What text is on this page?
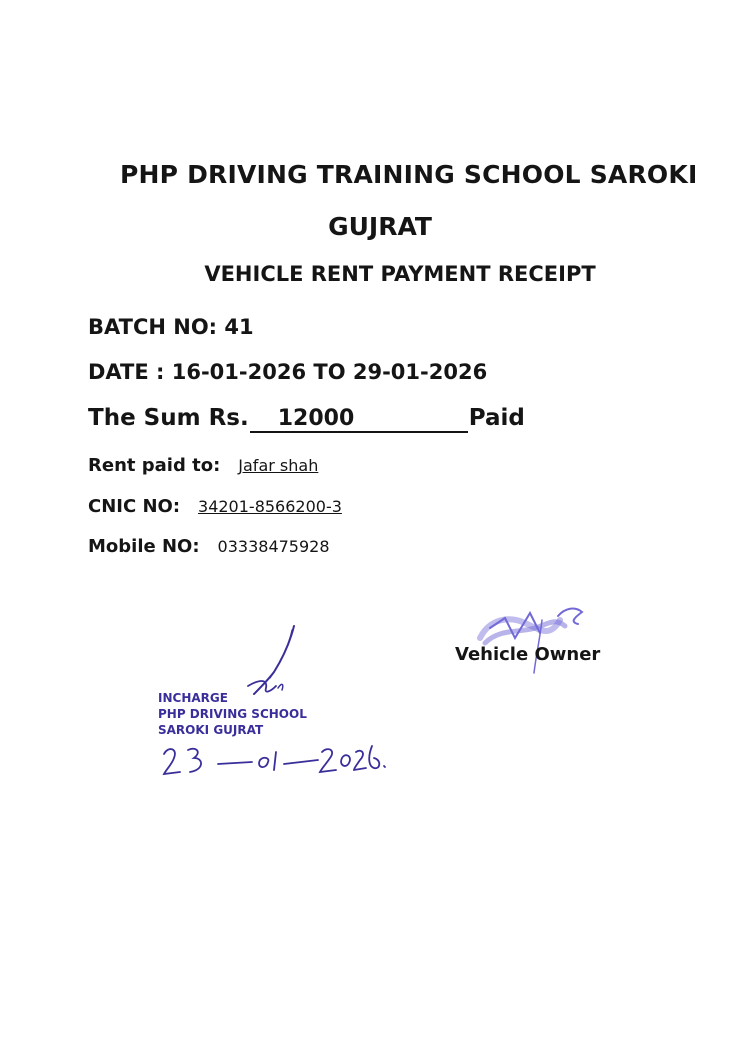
PHP DRIVING TRAINING SCHOOL SAROKI
GUJRAT
VEHICLE RENT PAYMENT RECEIPT
BATCH NO: 41
DATE : 16-01-2026 TO 29-01-2026
The Sum Rs. 12000	Paid
Rent paid to: Jafar shah
CNIC NO: 34201-8566200-3
Mobile NO: 03338475928
Vehicle Owner
INCHARGE
PHP DRIVING SCHOOL
SAROKI GUJRAT
